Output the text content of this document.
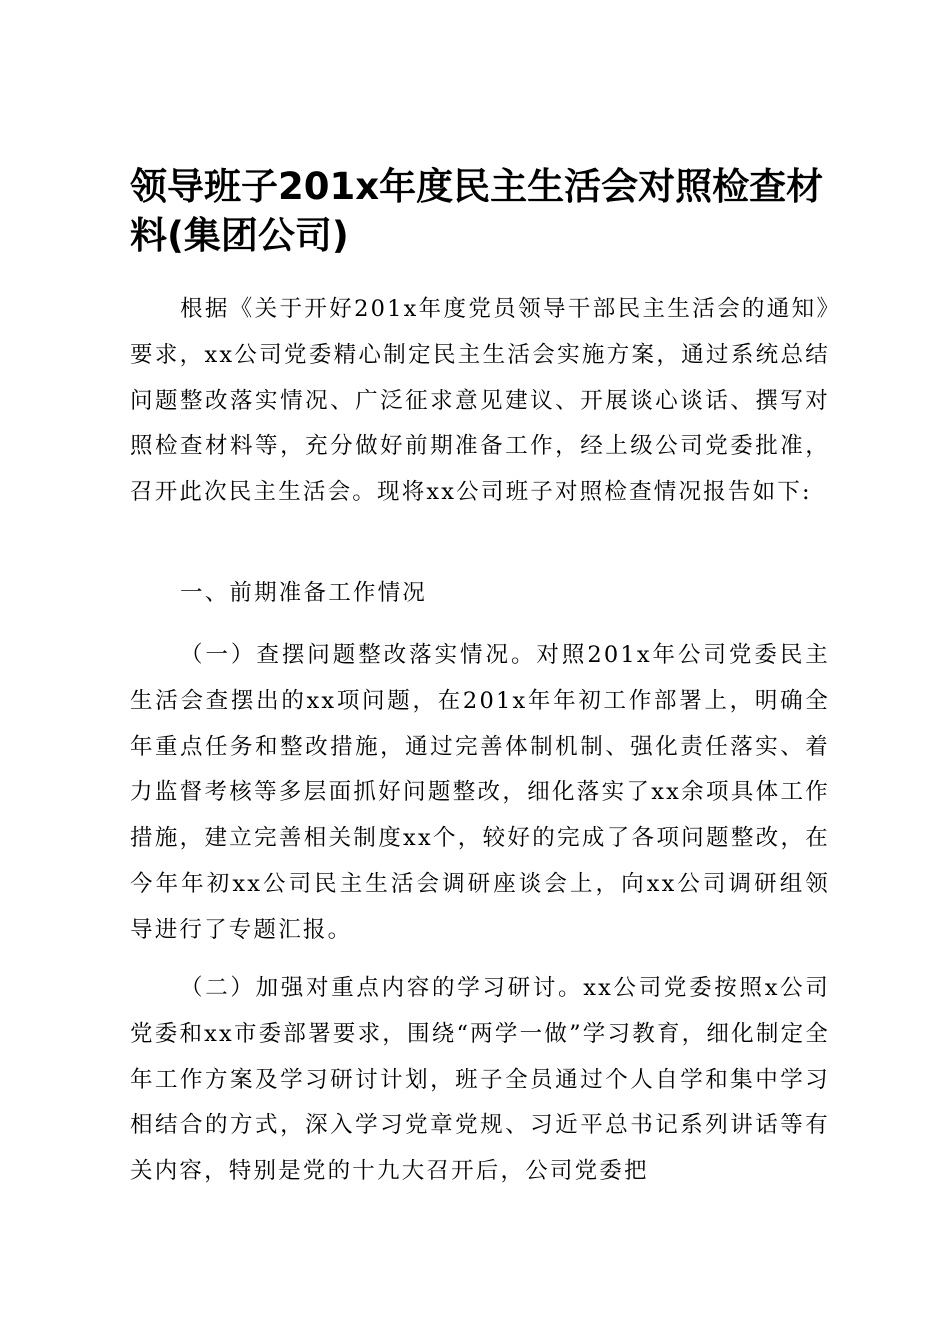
领导班子201x年度民主生活会对照检查材料(集团公司)

根据《关于开好201x年度党员领导干部民主生活会的通知》要求，xx公司党委精心制定民主生活会实施方案，通过系统总结问题整改落实情况、广泛征求意见建议、开展谈心谈话、撰写对照检查材料等，充分做好前期准备工作，经上级公司党委批准，召开此次民主生活会。现将xx公司班子对照检查情况报告如下:

一、前期准备工作情况

（一）查摆问题整改落实情况。对照201x年公司党委民主生活会查摆出的xx项问题，在201x年年初工作部署上，明确全年重点任务和整改措施，通过完善体制机制、强化责任落实、着力监督考核等多层面抓好问题整改，细化落实了xx余项具体工作措施，建立完善相关制度xx个，较好的完成了各项问题整改，在今年年初xx公司民主生活会调研座谈会上，向xx公司调研组领导进行了专题汇报。

（二）加强对重点内容的学习研讨。xx公司党委按照x公司党委和xx市委部署要求，围绕“两学一做”学习教育，细化制定全年工作方案及学习研讨计划，班子全员通过个人自学和集中学习相结合的方式，深入学习党章党规、习近平总书记系列讲话等有关内容，特别是党的十九大召开后，公司党委把
